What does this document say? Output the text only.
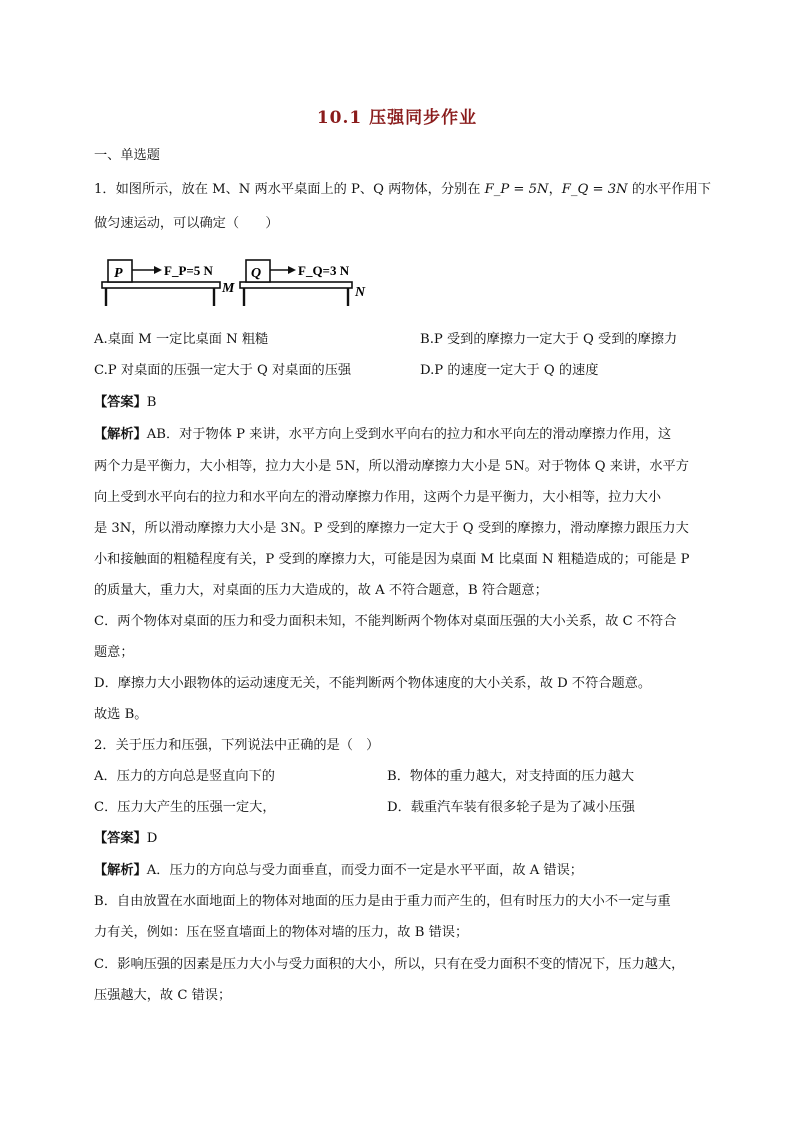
10.1 压强同步作业
一、单选题
1．如图所示，放在 M、N 两水平桌面上的 P、Q 两物体，分别在 F_P = 5N，F_Q = 3N 的水平作用下
做匀速运动，可以确定（　　）
P	F_P=5 N
M
Q	F_Q=3 N
N
A.桌面 M 一定比桌面 N 粗糙	B.P 受到的摩擦力一定大于 Q 受到的摩擦力
C.P 对桌面的压强一定大于 Q 对桌面的压强	D.P 的速度一定大于 Q 的速度
【答案】B
【解析】AB．对于物体 P 来讲，水平方向上受到水平向右的拉力和水平向左的滑动摩擦力作用，这
两个力是平衡力，大小相等，拉力大小是 5N，所以滑动摩擦力大小是 5N。对于物体 Q 来讲，水平方
向上受到水平向右的拉力和水平向左的滑动摩擦力作用，这两个力是平衡力，大小相等，拉力大小
是 3N，所以滑动摩擦力大小是 3N。P 受到的摩擦力一定大于 Q 受到的摩擦力，滑动摩擦力跟压力大
小和接触面的粗糙程度有关，P 受到的摩擦力大，可能是因为桌面 M 比桌面 N 粗糙造成的；可能是 P
的质量大，重力大，对桌面的压力大造成的，故 A 不符合题意，B 符合题意；
C．两个物体对桌面的压力和受力面积未知，不能判断两个物体对桌面压强的大小关系，故 C 不符合
题意；
D．摩擦力大小跟物体的运动速度无关，不能判断两个物体速度的大小关系，故 D 不符合题意。
故选 B。
2．关于压力和压强，下列说法中正确的是（　）
A．压力的方向总是竖直向下的	B．物体的重力越大，对支持面的压力越大
C．压力大产生的压强一定大，	D．载重汽车装有很多轮子是为了减小压强
【答案】D
【解析】A．压力的方向总与受力面垂直，而受力面不一定是水平平面，故 A 错误；
B．自由放置在水面地面上的物体对地面的压力是由于重力而产生的，但有时压力的大小不一定与重
力有关，例如：压在竖直墙面上的物体对墙的压力，故 B 错误；
C．影响压强的因素是压力大小与受力面积的大小，所以，只有在受力面积不变的情况下，压力越大，
压强越大，故 C 错误；
